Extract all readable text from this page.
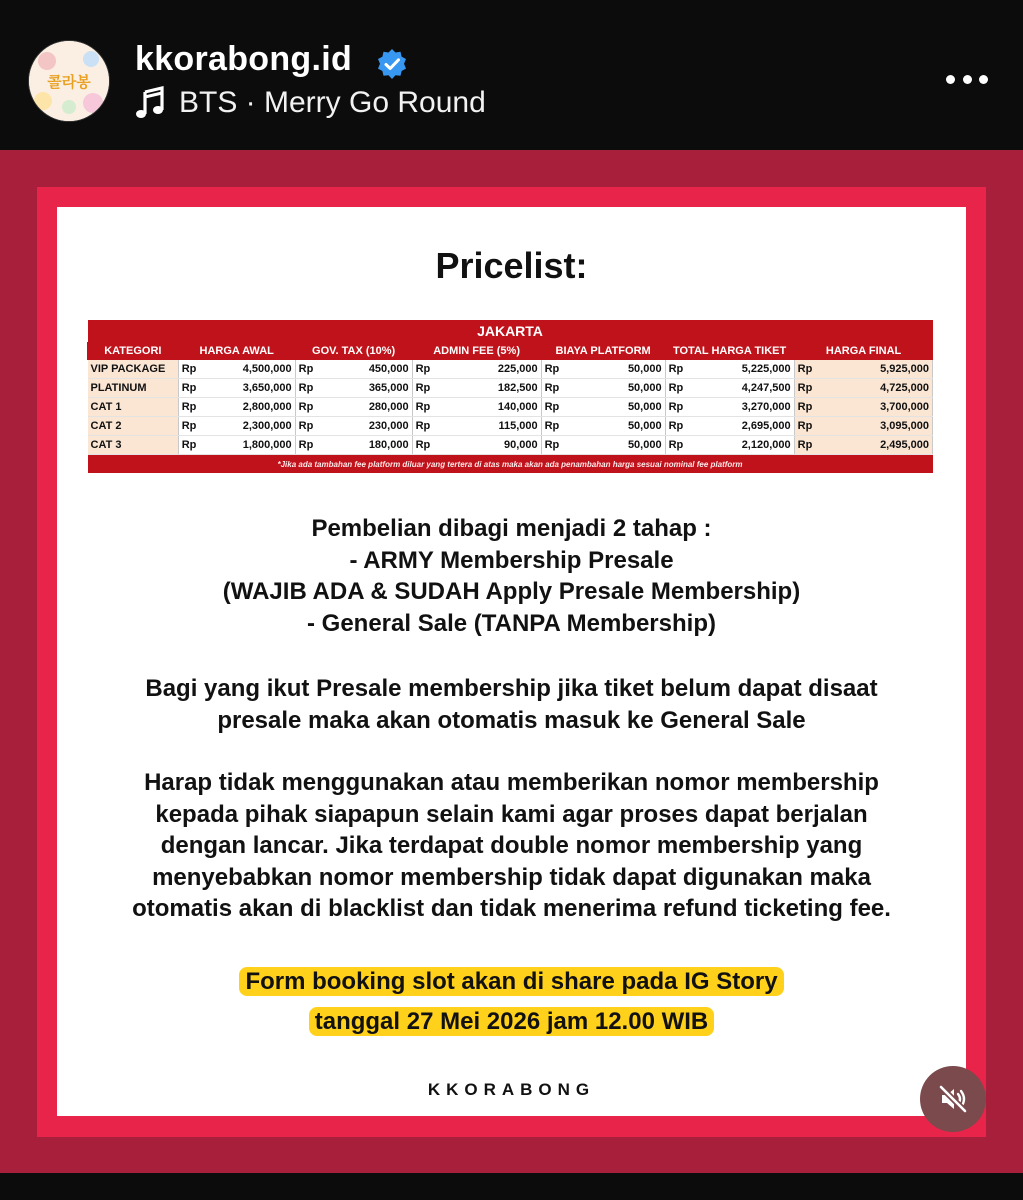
콜라봉
kkorabong.id
BTS · Merry Go Round
Pricelist:
JAKARTA												
KATEGORI	HARGA AWAL		GOV. TAX (10%)		ADMIN FEE (5%)		BIAYA PLATFORM		TOTAL HARGA TIKET		HARGA FINAL	
VIP PACKAGE	Rp	4,500,000	Rp	450,000	Rp	225,000	Rp	50,000	Rp	5,225,000	Rp	5,925,000
PLATINUM	Rp	3,650,000	Rp	365,000	Rp	182,500	Rp	50,000	Rp	4,247,500	Rp	4,725,000
CAT 1	Rp	2,800,000	Rp	280,000	Rp	140,000	Rp	50,000	Rp	3,270,000	Rp	3,700,000
CAT 2	Rp	2,300,000	Rp	230,000	Rp	115,000	Rp	50,000	Rp	2,695,000	Rp	3,095,000
CAT 3	Rp	1,800,000	Rp	180,000	Rp	90,000	Rp	50,000	Rp	2,120,000	Rp	2,495,000
*Jika ada tambahan fee platform diluar yang tertera di atas maka akan ada penambahan harga sesuai nominal fee platform												
Pembelian dibagi menjadi 2 tahap :
- ARMY Membership Presale
(WAJIB ADA & SUDAH Apply Presale Membership)
- General Sale (TANPA Membership)
Bagi yang ikut Presale membership jika tiket belum dapat disaat
presale maka akan otomatis masuk ke General Sale
Harap tidak menggunakan atau memberikan nomor membership
kepada pihak siapapun selain kami agar proses dapat berjalan
dengan lancar. Jika terdapat double nomor membership yang
menyebabkan nomor membership tidak dapat digunakan maka
otomatis akan di blacklist dan tidak menerima refund ticketing fee.
Form booking slot akan di share pada IG Story
tanggal 27 Mei 2026 jam 12.00 WIB
KKORABONG
